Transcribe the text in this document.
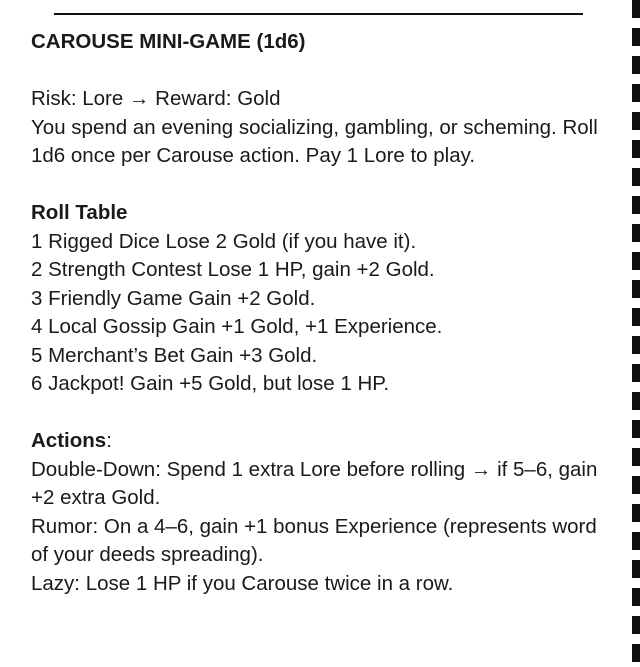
CAROUSE MINI-GAME (1d6)

Risk: Lore → Reward: Gold

You spend an evening socializing, gambling, or scheming. Roll 1d6 once per Carouse action. Pay 1 Lore to play.

Roll Table

1 Rigged Dice Lose 2 Gold (if you have it).

2 Strength Contest Lose 1 HP, gain +2 Gold.

3 Friendly Game Gain +2 Gold.

4 Local Gossip Gain +1 Gold, +1 Experience.

5 Merchant’s Bet Gain +3 Gold.

6 Jackpot! Gain +5 Gold, but lose 1 HP.

Actions:

Double-Down: Spend 1 extra Lore before rolling → if 5–6, gain +2 extra Gold.

Rumor: On a 4–6, gain +1 bonus Experience (represents word of your deeds spreading).

Lazy: Lose 1 HP if you Carouse twice in a row.
